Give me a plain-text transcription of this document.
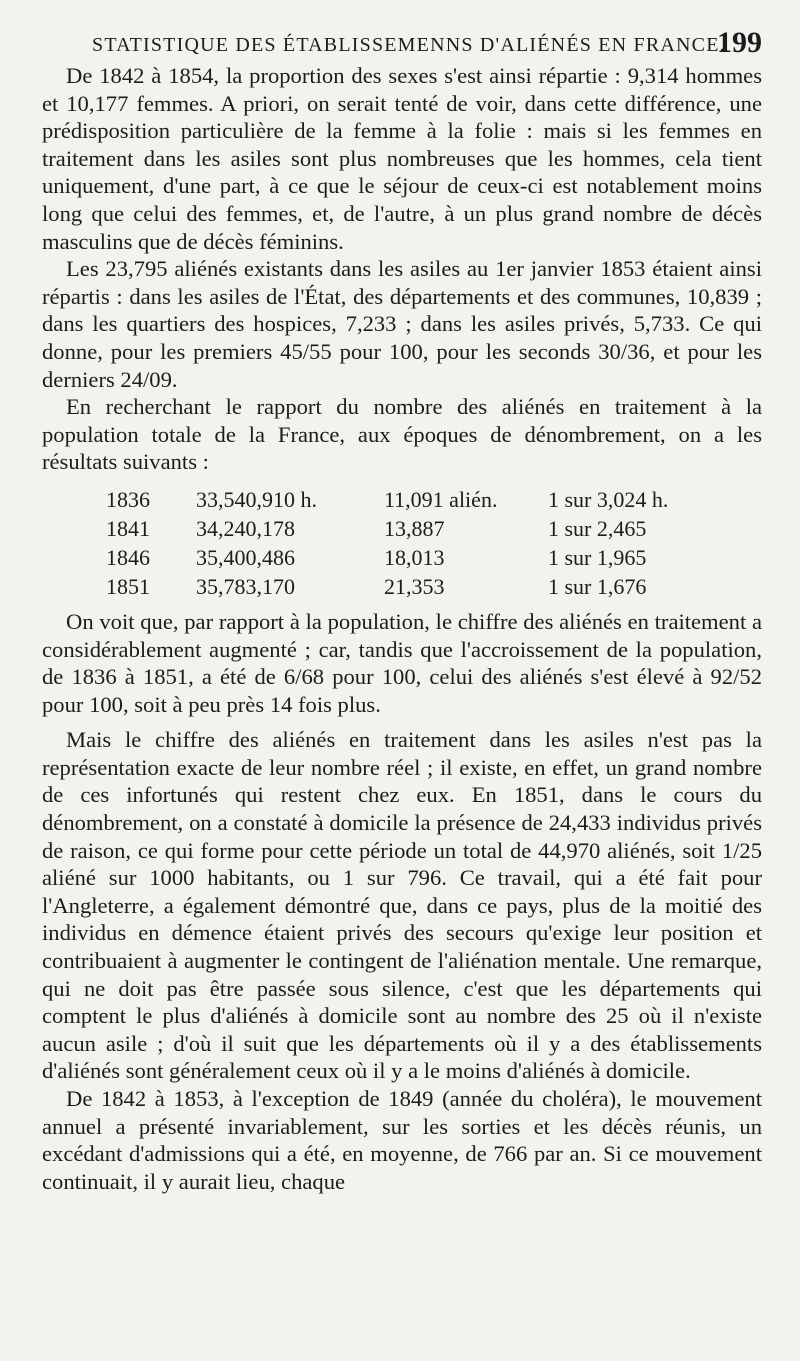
STATISTIQUE DES ÉTABLISSEMENNS D'ALIÉNÉS EN FRANCE.
199

De 1842 à 1854, la proportion des sexes s'est ainsi répartie : 9,314 hommes et 10,177 femmes. A priori, on serait tenté de voir, dans cette différence, une prédisposition particulière de la femme à la folie : mais si les femmes en traitement dans les asiles sont plus nombreuses que les hommes, cela tient uniquement, d'une part, à ce que le séjour de ceux-ci est notablement moins long que celui des femmes, et, de l'autre, à un plus grand nombre de décès masculins que de décès féminins.

Les 23,795 aliénés existants dans les asiles au 1er janvier 1853 étaient ainsi répartis : dans les asiles de l'État, des départements et des communes, 10,839 ; dans les quartiers des hospices, 7,233 ; dans les asiles privés, 5,733. Ce qui donne, pour les premiers 45/55 pour 100, pour les seconds 30/36, et pour les derniers 24/09.

En recherchant le rapport du nombre des aliénés en traitement à la population totale de la France, aux époques de dénombrement, on a les résultats suivants :

1836	33,540,910 h.	11,091 alién.	1 sur 3,024 h.
1841	34,240,178	13,887	1 sur 2,465
1846	35,400,486	18,013	1 sur 1,965
1851	35,783,170	21,353	1 sur 1,676

On voit que, par rapport à la population, le chiffre des aliénés en traitement a considérablement augmenté ; car, tandis que l'accroissement de la population, de 1836 à 1851, a été de 6/68 pour 100, celui des aliénés s'est élevé à 92/52 pour 100, soit à peu près 14 fois plus.

Mais le chiffre des aliénés en traitement dans les asiles n'est pas la représentation exacte de leur nombre réel ; il existe, en effet, un grand nombre de ces infortunés qui restent chez eux. En 1851, dans le cours du dénombrement, on a constaté à domicile la présence de 24,433 individus privés de raison, ce qui forme pour cette période un total de 44,970 aliénés, soit 1/25 aliéné sur 1000 habitants, ou 1 sur 796. Ce travail, qui a été fait pour l'Angleterre, a également démontré que, dans ce pays, plus de la moitié des individus en démence étaient privés des secours qu'exige leur position et contribuaient à augmenter le contingent de l'aliénation mentale. Une remarque, qui ne doit pas être passée sous silence, c'est que les départements qui comptent le plus d'aliénés à domicile sont au nombre des 25 où il n'existe aucun asile ; d'où il suit que les départements où il y a des établissements d'aliénés sont généralement ceux où il y a le moins d'aliénés à domicile.

De 1842 à 1853, à l'exception de 1849 (année du choléra), le mouvement annuel a présenté invariablement, sur les sorties et les décès réunis, un excédant d'admissions qui a été, en moyenne, de 766 par an. Si ce mouvement continuait, il y aurait lieu, chaque
